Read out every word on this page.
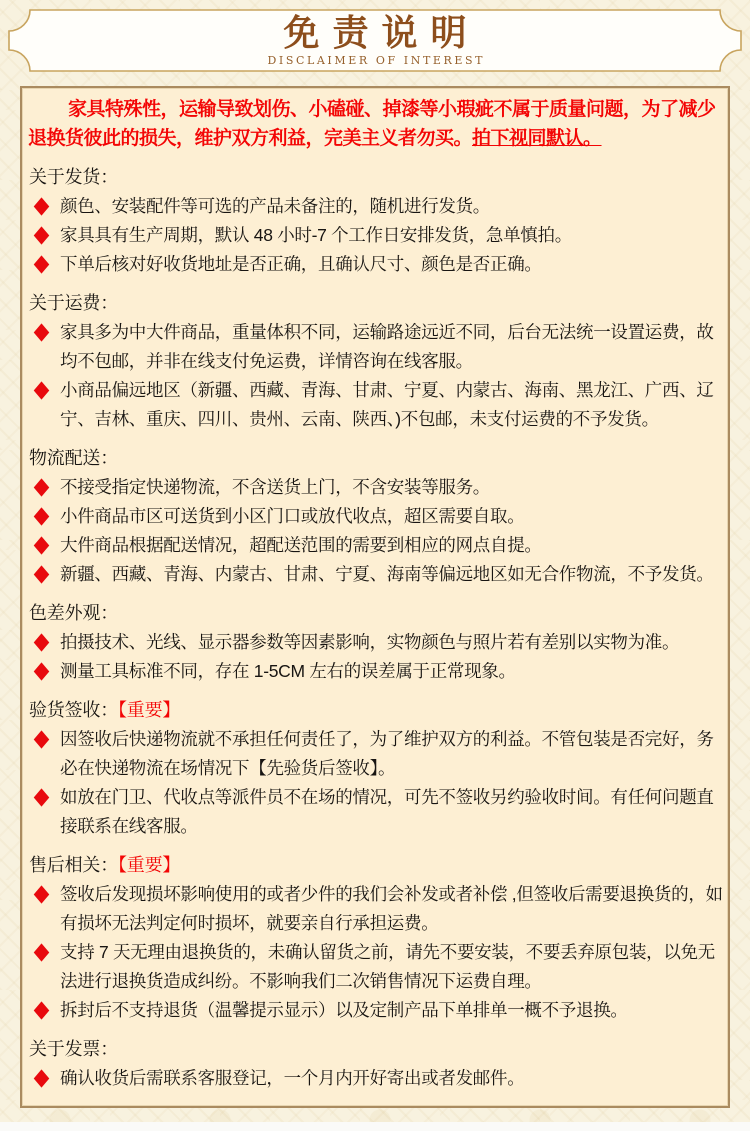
免责说明
DISCLAIMER OF INTEREST
家具特殊性，运输导致划伤、小磕碰、掉漆等小瑕疵不属于质量问题，为了减少退换货彼此的损失，维护双方利益，完美主义者勿买。拍下视同默认。
关于发货：
颜色、安装配件等可选的产品未备注的，随机进行发货。
家具具有生产周期，默认 48 小时-7 个工作日安排发货，急单慎拍。
下单后核对好收货地址是否正确，且确认尺寸、颜色是否正确。
关于运费：
家具多为中大件商品，重量体积不同，运输路途远近不同，后台无法统一设置运费，故均不包邮，并非在线支付免运费，详情咨询在线客服。
小商品偏远地区（新疆、西藏、青海、甘肃、宁夏、内蒙古、海南、黑龙江、广西、辽宁、吉林、重庆、四川、贵州、云南、陕西、)不包邮，未支付运费的不予发货。
物流配送：
不接受指定快递物流，不含送货上门，不含安装等服务。
小件商品市区可送货到小区门口或放代收点，超区需要自取。
大件商品根据配送情况，超配送范围的需要到相应的网点自提。
新疆、西藏、青海、内蒙古、甘肃、宁夏、海南等偏远地区如无合作物流，不予发货。
色差外观：
拍摄技术、光线、显示器参数等因素影响，实物颜色与照片若有差别以实物为准。
测量工具标准不同，存在 1-5CM 左右的误差属于正常现象。
验货签收：【重要】
因签收后快递物流就不承担任何责任了，为了维护双方的利益。不管包装是否完好，务必在快递物流在场情况下【先验货后签收】。
如放在门卫、代收点等派件员不在场的情况，可先不签收另约验收时间。有任何问题直接联系在线客服。
售后相关：【重要】
签收后发现损坏影响使用的或者少件的我们会补发或者补偿 ,但签收后需要退换货的，如有损坏无法判定何时损坏，就要亲自行承担运费。
支持 7 天无理由退换货的，未确认留货之前，请先不要安装，不要丢弃原包装，以免无法进行退换货造成纠纷。不影响我们二次销售情况下运费自理。
拆封后不支持退货（温馨提示显示）以及定制产品下单排单一概不予退换。
关于发票：
确认收货后需联系客服登记，一个月内开好寄出或者发邮件。
